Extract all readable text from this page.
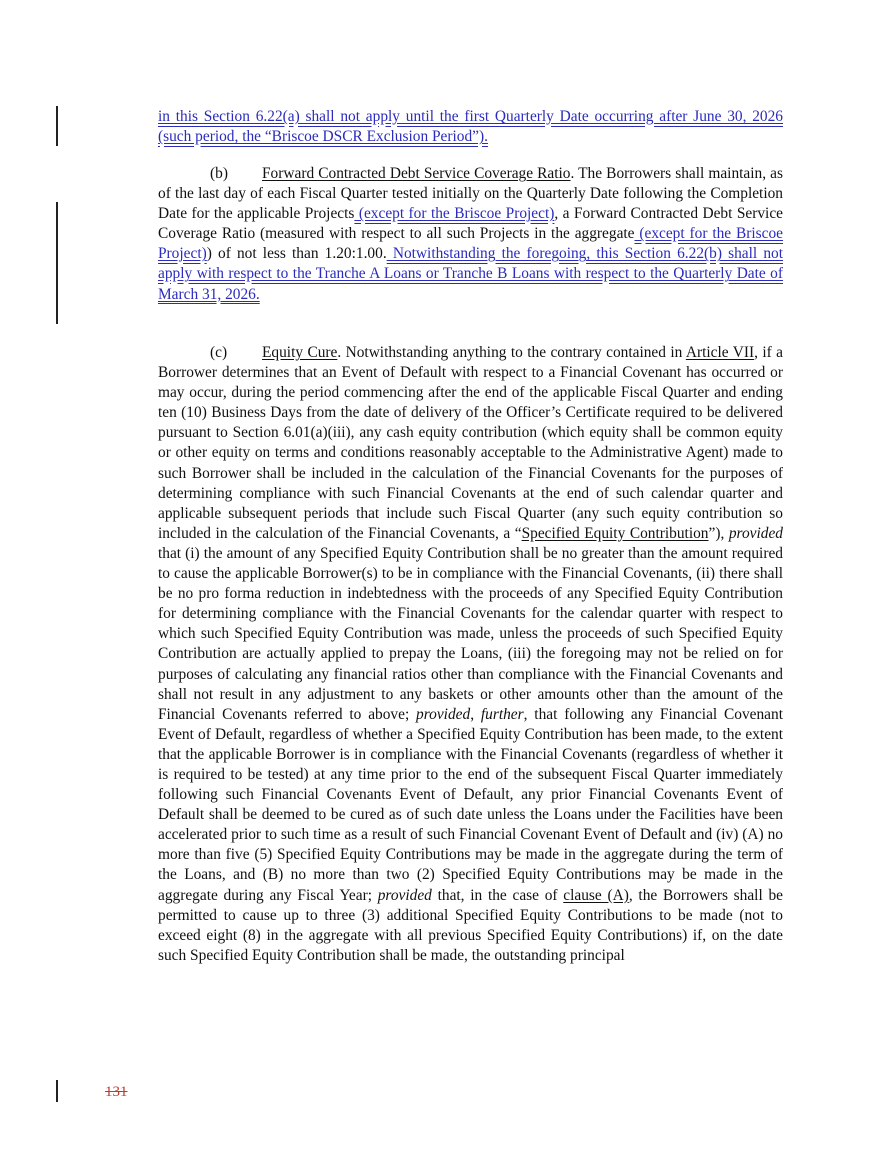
in this Section 6.22(a) shall not apply until the first Quarterly Date occurring after June 30, 2026 (such period, the “Briscoe DSCR Exclusion Period”).
(b) Forward Contracted Debt Service Coverage Ratio. The Borrowers shall maintain, as of the last day of each Fiscal Quarter tested initially on the Quarterly Date following the Completion Date for the applicable Projects (except for the Briscoe Project), a Forward Contracted Debt Service Coverage Ratio (measured with respect to all such Projects in the aggregate (except for the Briscoe Project)) of not less than 1.20:1.00. Notwithstanding the foregoing, this Section 6.22(b) shall not apply with respect to the Tranche A Loans or Tranche B Loans with respect to the Quarterly Date of March 31, 2026.
(c) Equity Cure. Notwithstanding anything to the contrary contained in Article VII, if a Borrower determines that an Event of Default with respect to a Financial Covenant has occurred or may occur, during the period commencing after the end of the applicable Fiscal Quarter and ending ten (10) Business Days from the date of delivery of the Officer’s Certificate required to be delivered pursuant to Section 6.01(a)(iii), any cash equity contribution (which equity shall be common equity or other equity on terms and conditions reasonably acceptable to the Administrative Agent) made to such Borrower shall be included in the calculation of the Financial Covenants for the purposes of determining compliance with such Financial Covenants at the end of such calendar quarter and applicable subsequent periods that include such Fiscal Quarter (any such equity contribution so included in the calculation of the Financial Covenants, a “Specified Equity Contribution”), provided that (i) the amount of any Specified Equity Contribution shall be no greater than the amount required to cause the applicable Borrower(s) to be in compliance with the Financial Covenants, (ii) there shall be no pro forma reduction in indebtedness with the proceeds of any Specified Equity Contribution for determining compliance with the Financial Covenants for the calendar quarter with respect to which such Specified Equity Contribution was made, unless the proceeds of such Specified Equity Contribution are actually applied to prepay the Loans, (iii) the foregoing may not be relied on for purposes of calculating any financial ratios other than compliance with the Financial Covenants and shall not result in any adjustment to any baskets or other amounts other than the amount of the Financial Covenants referred to above; provided, further, that following any Financial Covenant Event of Default, regardless of whether a Specified Equity Contribution has been made, to the extent that the applicable Borrower is in compliance with the Financial Covenants (regardless of whether it is required to be tested) at any time prior to the end of the subsequent Fiscal Quarter immediately following such Financial Covenants Event of Default, any prior Financial Covenants Event of Default shall be deemed to be cured as of such date unless the Loans under the Facilities have been accelerated prior to such time as a result of such Financial Covenant Event of Default and (iv) (A) no more than five (5) Specified Equity Contributions may be made in the aggregate during the term of the Loans, and (B) no more than two (2) Specified Equity Contributions may be made in the aggregate during any Fiscal Year; provided that, in the case of clause (A), the Borrowers shall be permitted to cause up to three (3) additional Specified Equity Contributions to be made (not to exceed eight (8) in the aggregate with all previous Specified Equity Contributions) if, on the date such Specified Equity Contribution shall be made, the outstanding principal
131
